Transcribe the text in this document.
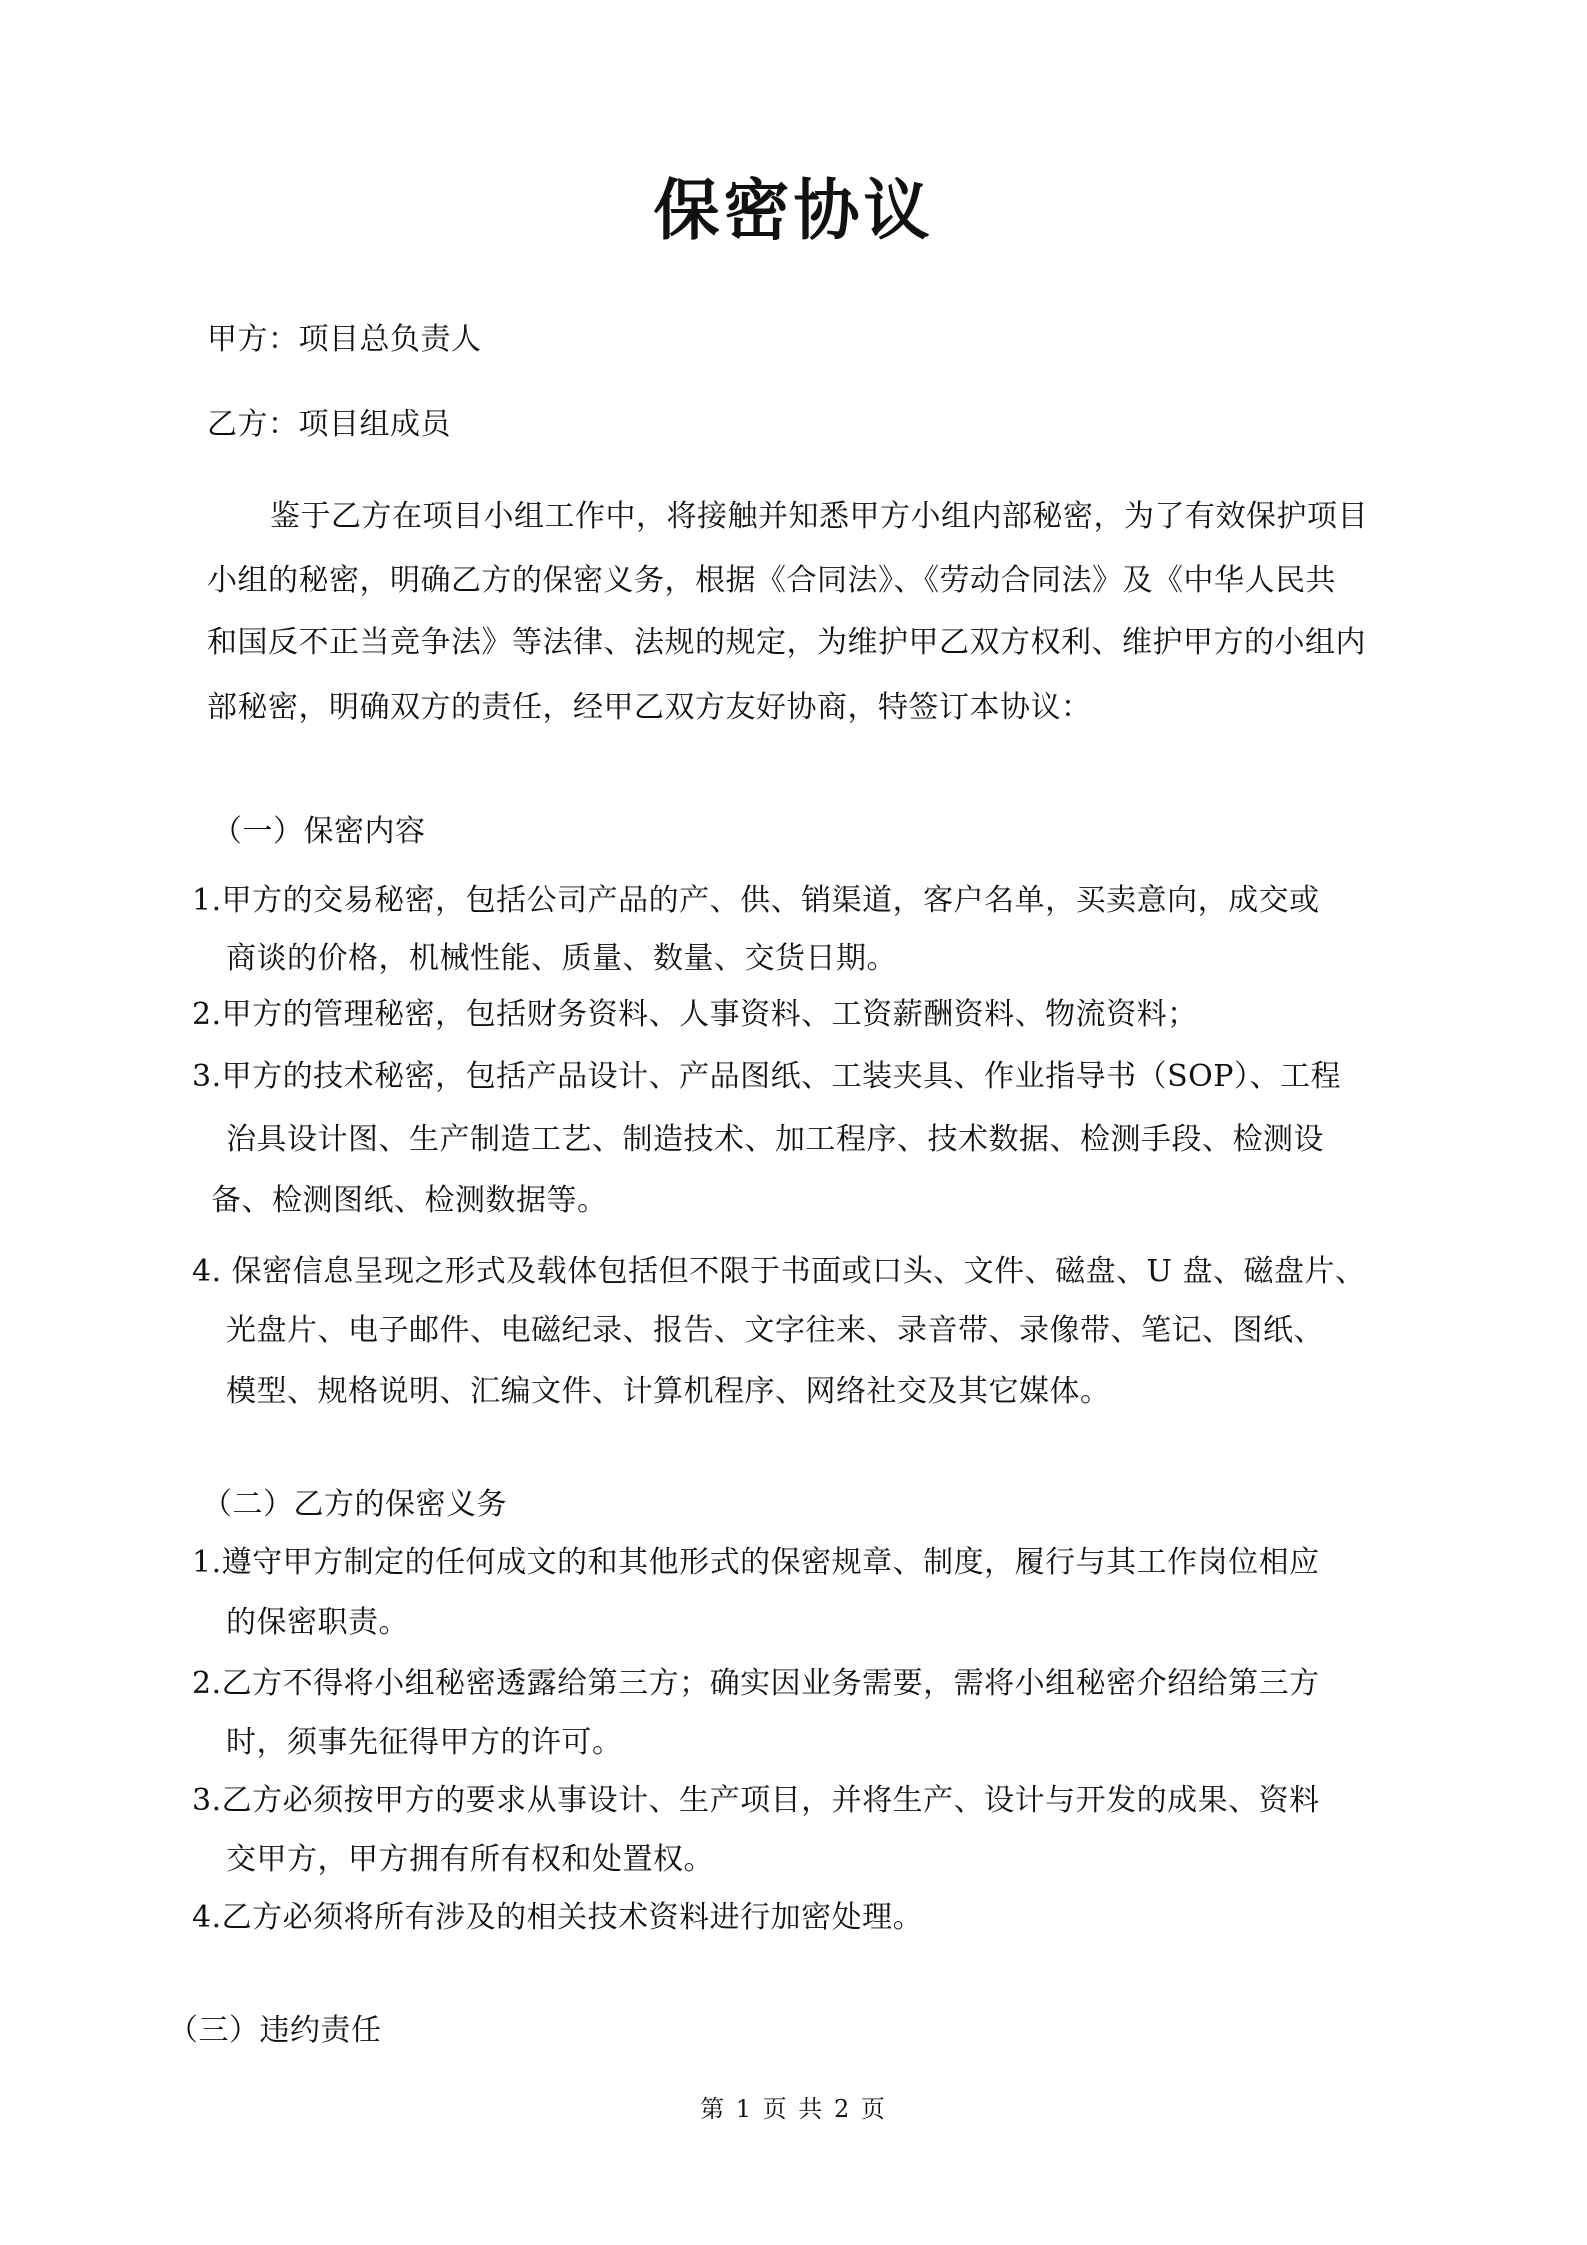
保密协议
甲方：项目总负责人
乙方：项目组成员
鉴于乙方在项目小组工作中，将接触并知悉甲方小组内部秘密，为了有效保护项目
小组的秘密，明确乙方的保密义务，根据《合同法》、《劳动合同法》及《中华人民共
和国反不正当竞争法》等法律、法规的规定，为维护甲乙双方权利、维护甲方的小组内
部秘密，明确双方的责任，经甲乙双方友好协商，特签订本协议：
（一）保密内容
1.甲方的交易秘密，包括公司产品的产、供、销渠道，客户名单，买卖意向，成交或
商谈的价格，机械性能、质量、数量、交货日期。
2.甲方的管理秘密，包括财务资料、人事资料、工资薪酬资料、物流资料；
3.甲方的技术秘密，包括产品设计、产品图纸、工装夹具、作业指导书（SOP）、工程
治具设计图、生产制造工艺、制造技术、加工程序、技术数据、检测手段、检测设
备、检测图纸、检测数据等。
4. 保密信息呈现之形式及载体包括但不限于书面或口头、文件、磁盘、U 盘、磁盘片、
光盘片、电子邮件、电磁纪录、报告、文字往来、录音带、录像带、笔记、图纸、
模型、规格说明、汇编文件、计算机程序、网络社交及其它媒体。
（二）乙方的保密义务
1.遵守甲方制定的任何成文的和其他形式的保密规章、制度，履行与其工作岗位相应
的保密职责。
2.乙方不得将小组秘密透露给第三方；确实因业务需要，需将小组秘密介绍给第三方
时，须事先征得甲方的许可。
3.乙方必须按甲方的要求从事设计、生产项目，并将生产、设计与开发的成果、资料
交甲方，甲方拥有所有权和处置权。
4.乙方必须将所有涉及的相关技术资料进行加密处理。
（三）违约责任
第 1 页 共 2 页
